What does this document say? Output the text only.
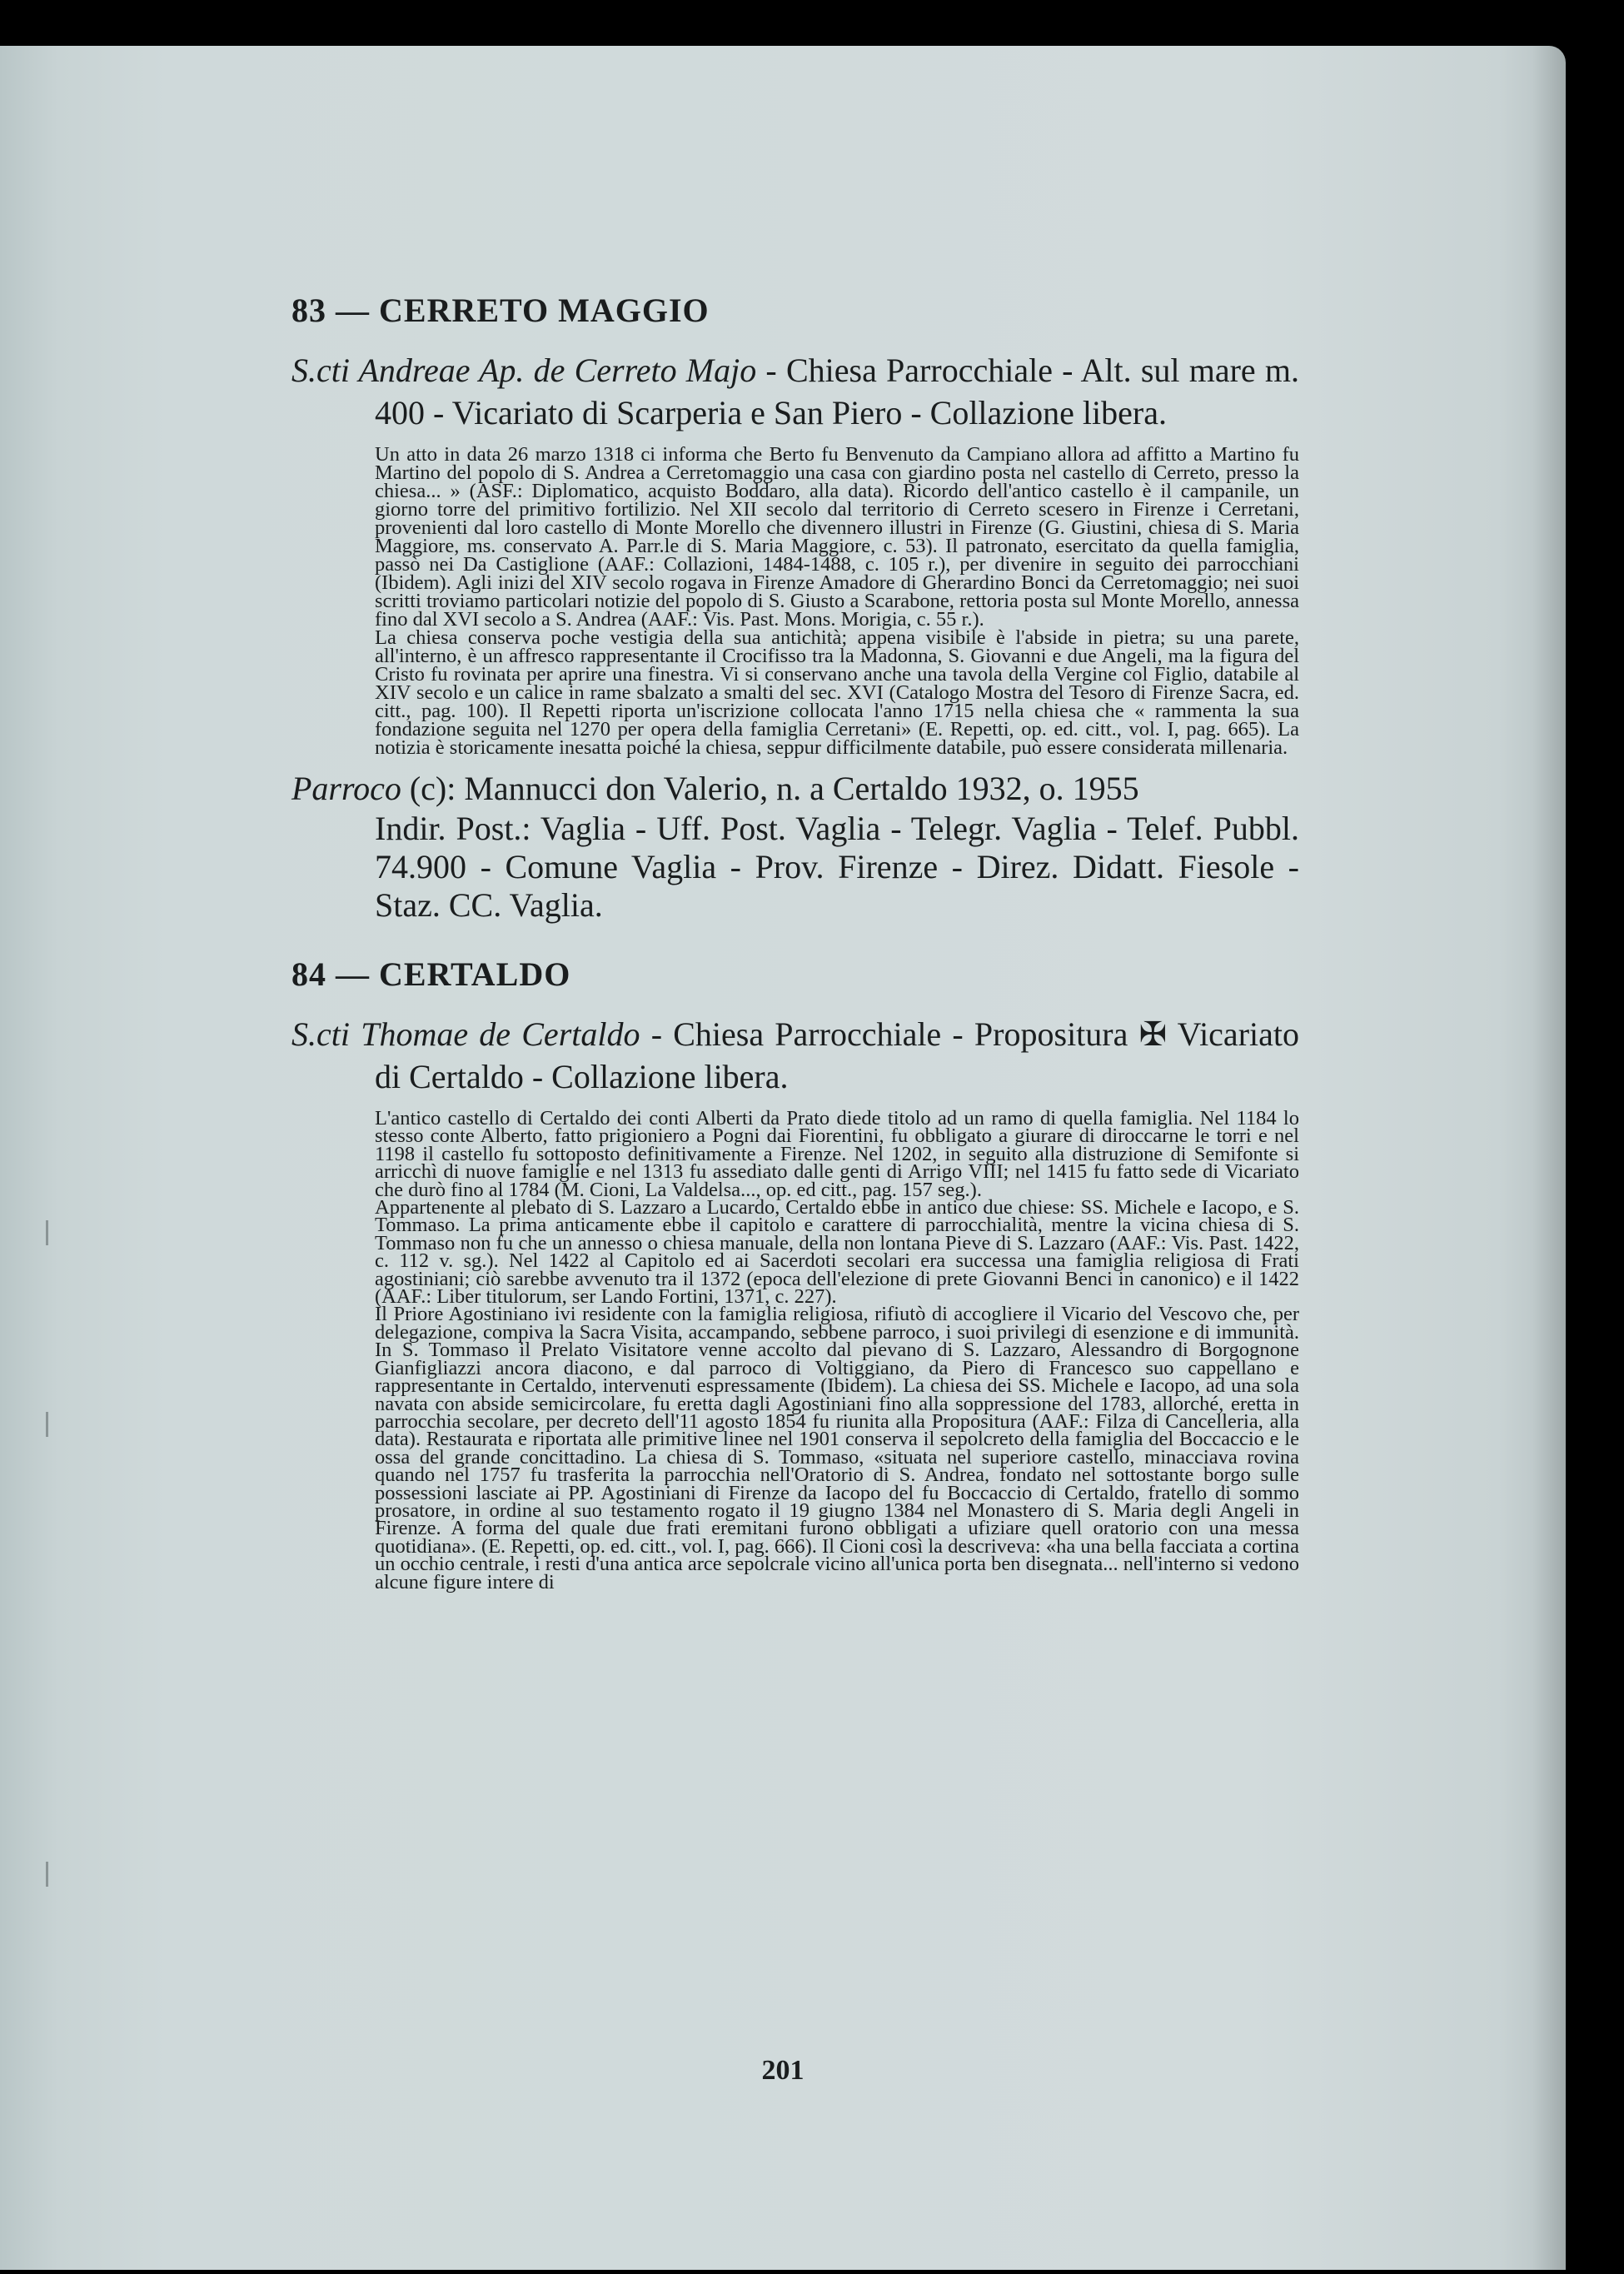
83 — CERRETO MAGGIO

S.cti Andreae Ap. de Cerreto Majo - Chiesa Parrocchiale - Alt. sul mare m. 400 - Vicariato di Scarperia e San Piero - Collazione libera.

Un atto in data 26 marzo 1318 ci informa che Berto fu Benvenuto da Campiano allora ad affitto a Martino fu Martino del popolo di S. Andrea a Cerretomaggio una casa con giardino posta nel castello di Cerreto, presso la chiesa... » (ASF.: Diplomatico, acquisto Boddaro, alla data). Ricordo dell'antico castello è il campanile, un giorno torre del primitivo fortilizio. Nel XII secolo dal territorio di Cerreto scesero in Firenze i Cerretani, provenienti dal loro castello di Monte Morello che divennero illustri in Firenze (G. Giustini, chiesa di S. Maria Maggiore, ms. conservato A. Parr.le di S. Maria Maggiore, c. 53). Il patronato, esercitato da quella famiglia, passò nei Da Castiglione (AAF.: Collazioni, 1484-1488, c. 105 r.), per divenire in seguito dei parrocchiani (Ibidem). Agli inizi del XIV secolo rogava in Firenze Amadore di Gherardino Bonci da Cerretomaggio; nei suoi scritti troviamo particolari notizie del popolo di S. Giusto a Scarabone, rettoria posta sul Monte Morello, annessa fino dal XVI secolo a S. Andrea (AAF.: Vis. Past. Mons. Morigia, c. 55 r.).

La chiesa conserva poche vestigia della sua antichità; appena visibile è l'abside in pietra; su una parete, all'interno, è un affresco rappresentante il Crocifisso tra la Madonna, S. Giovanni e due Angeli, ma la figura del Cristo fu rovinata per aprire una finestra. Vi si conservano anche una tavola della Vergine col Figlio, databile al XIV secolo e un calice in rame sbalzato a smalti del sec. XVI (Catalogo Mostra del Tesoro di Firenze Sacra, ed. citt., pag. 100). Il Repetti riporta un'iscrizione collocata l'anno 1715 nella chiesa che « rammenta la sua fondazione seguita nel 1270 per opera della famiglia Cerretani» (E. Repetti, op. ed. citt., vol. I, pag. 665). La notizia è storicamente inesatta poiché la chiesa, seppur difficilmente databile, può essere considerata millenaria.

Parroco (c): Mannucci don Valerio, n. a Certaldo 1932, o. 1955

Indir. Post.: Vaglia - Uff. Post. Vaglia - Telegr. Vaglia - Telef. Pubbl. 74.900 - Comune Vaglia - Prov. Firenze - Direz. Didatt. Fiesole - Staz. CC. Vaglia.

84 — CERTALDO

S.cti Thomae de Certaldo - Chiesa Parrocchiale - Propositura ✠ Vicariato di Certaldo - Collazione libera.

L'antico castello di Certaldo dei conti Alberti da Prato diede titolo ad un ramo di quella famiglia. Nel 1184 lo stesso conte Alberto, fatto prigioniero a Pogni dai Fiorentini, fu obbligato a giurare di diroccarne le torri e nel 1198 il castello fu sottoposto definitivamente a Firenze. Nel 1202, in seguito alla distruzione di Semifonte si arricchì di nuove famiglie e nel 1313 fu assediato dalle genti di Arrigo VIII; nel 1415 fu fatto sede di Vicariato che durò fino al 1784 (M. Cioni, La Valdelsa..., op. ed citt., pag. 157 seg.).

Appartenente al plebato di S. Lazzaro a Lucardo, Certaldo ebbe in antico due chiese: SS. Michele e Iacopo, e S. Tommaso. La prima anticamente ebbe il capitolo e carattere di parrocchialità, mentre la vicina chiesa di S. Tommaso non fu che un annesso o chiesa manuale, della non lontana Pieve di S. Lazzaro (AAF.: Vis. Past. 1422, c. 112 v. sg.). Nel 1422 al Capitolo ed ai Sacerdoti secolari era successa una famiglia religiosa di Frati agostiniani; ciò sarebbe avvenuto tra il 1372 (epoca dell'elezione di prete Giovanni Benci in canonico) e il 1422 (AAF.: Liber titulorum, ser Lando Fortini, 1371, c. 227).

Il Priore Agostiniano ivi residente con la famiglia religiosa, rifiutò di accogliere il Vicario del Vescovo che, per delegazione, compiva la Sacra Visita, accampando, sebbene parroco, i suoi privilegi di esenzione e di immunità. In S. Tommaso il Prelato Visitatore venne accolto dal pievano di S. Lazzaro, Alessandro di Borgognone Gianfigliazzi ancora diacono, e dal parroco di Voltiggiano, da Piero di Francesco suo cappellano e rappresentante in Certaldo, intervenuti espressamente (Ibidem). La chiesa dei SS. Michele e Iacopo, ad una sola navata con abside semicircolare, fu eretta dagli Agostiniani fino alla soppressione del 1783, allorché, eretta in parrocchia secolare, per decreto dell'11 agosto 1854 fu riunita alla Propositura (AAF.: Filza di Cancelleria, alla data). Restaurata e riportata alle primitive linee nel 1901 conserva il sepolcreto della famiglia del Boccaccio e le ossa del grande concittadino. La chiesa di S. Tommaso, «situata nel superiore castello, minacciava rovina quando nel 1757 fu trasferita la parrocchia nell'Oratorio di S. Andrea, fondato nel sottostante borgo sulle possessioni lasciate ai PP. Agostiniani di Firenze da Iacopo del fu Boccaccio di Certaldo, fratello di sommo prosatore, in ordine al suo testamento rogato il 19 giugno 1384 nel Monastero di S. Maria degli Angeli in Firenze. A forma del quale due frati eremitani furono obbligati a ufiziare quell oratorio con una messa quotidiana». (E. Repetti, op. ed. citt., vol. I, pag. 666). Il Cioni così la descriveva: «ha una bella facciata a cortina un occhio centrale, i resti d'una antica arce sepolcrale vicino all'unica porta ben disegnata... nell'interno si vedono alcune figure intere di

201
